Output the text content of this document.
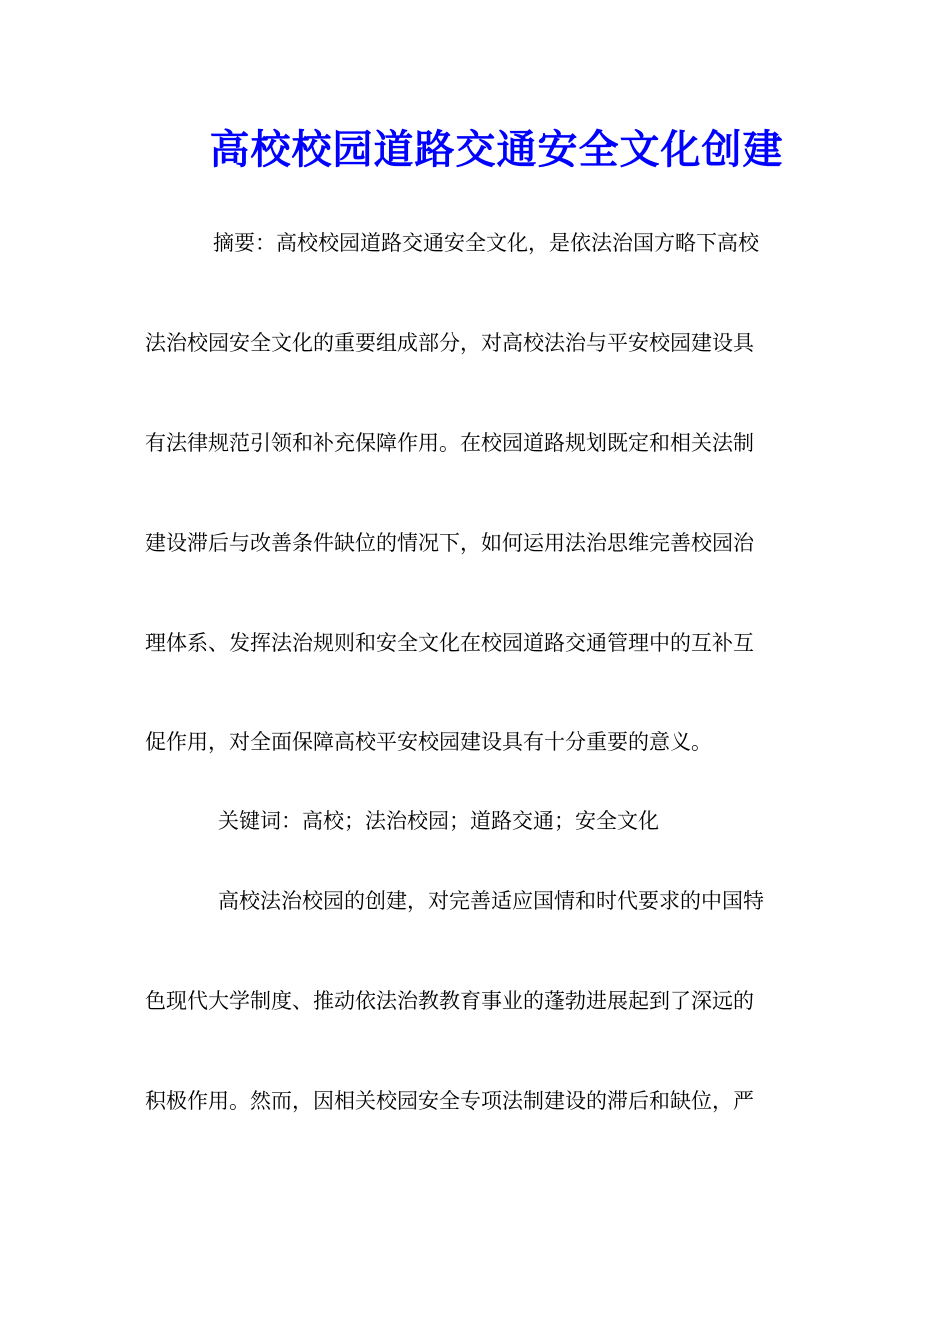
高校校园道路交通安全文化创建
摘要：高校校园道路交通安全文化，是依法治国方略下高校
法治校园安全文化的重要组成部分，对高校法治与平安校园建设具
有法律规范引领和补充保障作用。在校园道路规划既定和相关法制
建设滞后与改善条件缺位的情况下，如何运用法治思维完善校园治
理体系、发挥法治规则和安全文化在校园道路交通管理中的互补互
促作用，对全面保障高校平安校园建设具有十分重要的意义。
关键词：高校；法治校园；道路交通；安全文化
高校法治校园的创建，对完善适应国情和时代要求的中国特
色现代大学制度、推动依法治教教育事业的蓬勃进展起到了深远的
积极作用。然而，因相关校园安全专项法制建设的滞后和缺位，严
